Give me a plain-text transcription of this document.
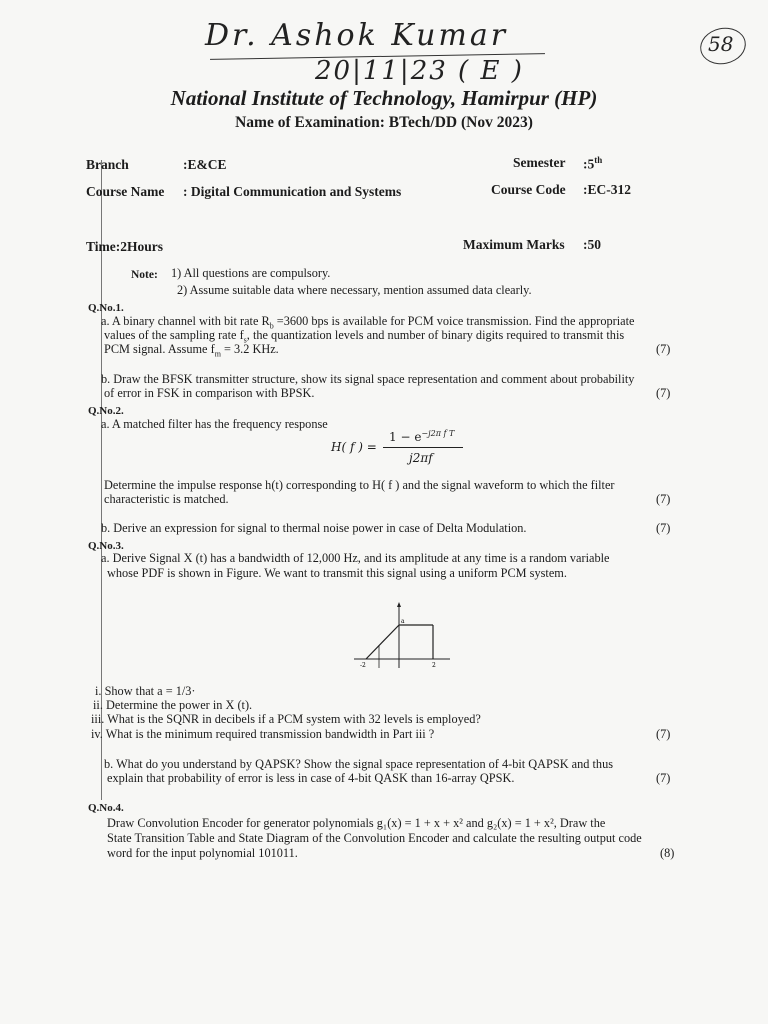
Dr. Ashok Kumar
20|11|23 ( E )
58
National Institute of Technology, Hamirpur (HP)
Name of Examination: BTech/DD (Nov 2023)
Branch	:E&CE	Semester :5th
Course Name : Digital Communication and Systems	Course Code :EC-312
Time:2Hours	Maximum Marks :50
Note: 1) All questions are compulsory.
2) Assume suitable data where necessary, mention assumed data clearly.
Q.No.1.
a. A binary channel with bit rate $R_b =3600$ bps is available for PCM voice transmission. Find the appropriate
values of the sampling rate $f_s$, the quantization levels and number of binary digits required to transmit this
PCM signal. Assume $f_m = 3.2$ KHz.	(7)
b. Draw the BFSK transmitter structure, show its signal space representation and comment about probability
of error in FSK in comparison with BPSK.	(7)
Q.No.2.
a. A matched filter has the frequency response
H( f ) =
$1 - e^{-j2\pi f T}$
j2πf
Determine the impulse response h(t) corresponding to H( f ) and the signal waveform to which the filter
characteristic is matched.	(7)
b. Derive an expression for signal to thermal noise power in case of Delta Modulation.	(7)
Q.No.3.
a. Derive Signal X (t) has a bandwidth of 12,000 Hz, and its amplitude at any time is a random variable
whose PDF is shown in Figure. We want to transmit this signal using a uniform PCM system.
a
-2	2
i. Show that a = 1/3·
ii. Determine the power in X (t).
iii. What is the SQNR in decibels if a PCM system with 32 levels is employed?
iv. What is the minimum required transmission bandwidth in Part iii ?	(7)
b. What do you understand by QAPSK? Show the signal space representation of 4-bit QAPSK and thus
explain that probability of error is less in case of 4-bit QASK than 16-array QPSK.	(7)
Q.No.4.
Draw Convolution Encoder for generator polynomials g₁(x) = 1 + x + x² and g₂(x) = 1 + x², Draw the
State Transition Table and State Diagram of the Convolution Encoder and calculate the resulting output code
word for the input polynomial 101011.	(8)
